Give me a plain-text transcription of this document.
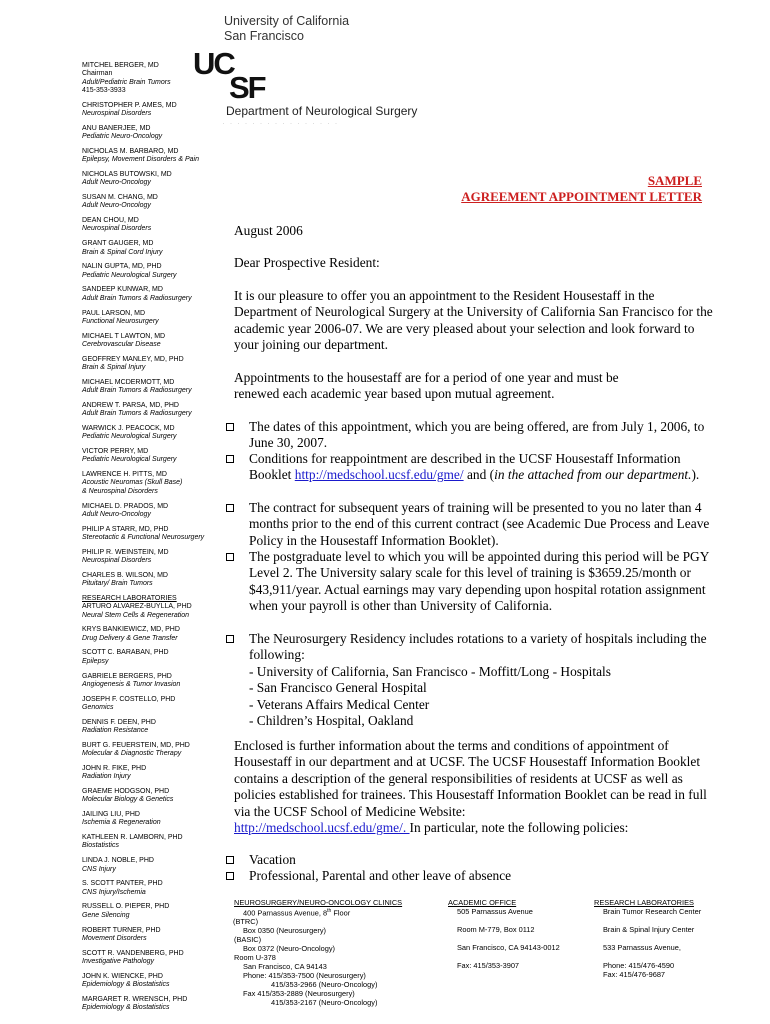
University of California
San Francisco
UC
SF
Department of Neurological Surgery
· · · · · · · · · · · · · · · ·
MITCHEL BERGER, MD
Chairman
Adult/Pediatric Brain Tumors
415-353-3933
CHRISTOPHER P. AMES, MD
Neurospinal Disorders
ANU BANERJEE, MD
Pediatric Neuro-Oncology
NICHOLAS M. BARBARO, MD
Epilepsy, Movement Disorders & Pain
NICHOLAS BUTOWSKI, MD
Adult Neuro-Oncology
SUSAN M. CHANG, MD
Adult Neuro-Oncology
DEAN CHOU, MD
Neurospinal Disorders
GRANT GAUGER, MD
Brain & Spinal Cord Injury
NALIN GUPTA, MD, PHD
Pediatric Neurological Surgery
SANDEEP KUNWAR, MD
Adult Brain Tumors & Radiosurgery
PAUL LARSON, MD
Functional Neurosurgery
MICHAEL T LAWTON, MD
Cerebrovascular Disease
GEOFFREY MANLEY, MD, PHD
Brain & Spinal Injury
MICHAEL MCDERMOTT, MD
Adult Brain Tumors & Radiosurgery
ANDREW T. PARSA, MD, PHD
Adult Brain Tumors & Radiosurgery
WARWICK J. PEACOCK, MD
Pediatric Neurological Surgery
VICTOR PERRY, MD
Pediatric Neurological Surgery
LAWRENCE H. PITTS, MD
Acoustic Neuromas (Skull Base)
& Neurospinal Disorders
MICHAEL D. PRADOS, MD
Adult Neuro-Oncology
PHILIP A STARR, MD, PHD
Stereotactic & Functional Neurosurgery
PHILIP R. WEINSTEIN, MD
Neurospinal Disorders
CHARLES B. WILSON, MD
Pituitary/ Brain Tumors
RESEARCH LABORATORIES
ARTURO ALVAREZ-BUYLLA, PHD
Neural Stem Cells & Regeneration
KRYS BANKIEWICZ, MD, PHD
Drug Delivery & Gene Transfer
SCOTT C. BARABAN, PHD
Epilepsy
GABRIELE BERGERS, PHD
Angiogenesis & Tumor Invasion
JOSEPH F. COSTELLO, PHD
Genomics
DENNIS F. DEEN, PHD
Radiation Resistance
BURT G. FEUERSTEIN, MD, PHD
Molecular & Diagnostic Therapy
JOHN R. FIKE, PHD
Radiation Injury
GRAEME HODGSON, PHD
Molecular Biology & Genetics
JAILING LIU, PHD
Ischemia & Regeneration
KATHLEEN R. LAMBORN, PHD
Biostatistics
LINDA J. NOBLE, PHD
CNS Injury
S. SCOTT PANTER, PHD
CNS Injury/Ischemia
RUSSELL O. PIEPER, PHD
Gene Silencing
ROBERT TURNER, PHD
Movement Disorders
SCOTT R. VANDENBERG, PHD
Investigative Pathology
JOHN K. WIENCKE, PHD
Epidemiology & Biostatistics
MARGARET R. WRENSCH, PHD
Epidemiology & Biostatistics
SAMPLE
AGREEMENT APPOINTMENT LETTER
August 2006
Dear Prospective Resident:
It is our pleasure to offer you an appointment to the Resident Housestaff in the Department of Neurological Surgery at the University of California San Francisco for the academic year 2006-07. We are very pleased about your selection and look forward to your joining our department.
Appointments to the housestaff are for a period of one year and must be renewed each academic year based upon mutual agreement.
The dates of this appointment, which you are being offered, are from July 1, 2006, to June 30, 2007.
Conditions for reappointment are described in the UCSF Housestaff Information Booklet http://medschool.ucsf.edu/gme/ and (in the attached from our department.).
The contract for subsequent years of training will be presented to you no later than 4 months prior to the end of this current contract (see Academic Due Process and Leave Policy in the Housestaff Information Booklet).
The postgraduate level to which you will be appointed during this period will be PGY Level 2. The University salary scale for this level of training is $3659.25/month or $43,911/year. Actual earnings may vary depending upon hospital rotation assignment when your payroll is other than University of California.
The Neurosurgery Residency includes rotations to a variety of hospitals including the following:
- University of California, San Francisco - Moffitt/Long - Hospitals
- San Francisco General Hospital
- Veterans Affairs Medical Center
- Children’s Hospital, Oakland
Enclosed is further information about the terms and conditions of appointment of Housestaff in our department and at UCSF. The UCSF Housestaff Information Booklet contains a description of the general responsibilities of residents at UCSF as well as policies established for trainees. This Housestaff Information Booklet can be read in full via the UCSF School of Medicine Website:
http://medschool.ucsf.edu/gme/. In particular, note the following policies:
Vacation
Professional, Parental and other leave of absence
NEUROSURGERY/NEURO-ONCOLOGY CLINICS
400 Parnassus Avenue, 8th Floor
(BTRC)
Box 0350 (Neurosurgery)
(BASIC)
Box 0372 (Neuro-Oncology)
Room U-378
San Francisco, CA 94143
Phone: 415/353-7500 (Neurosurgery)
415/353-2966 (Neuro-Oncology)
Fax 415/353-2889 (Neurosurgery)
415/353-2167 (Neuro-Oncology)
ACADEMIC OFFICE
505 Parnassus Avenue
Room M-779, Box 0112
San Francisco, CA 94143-0012
Fax: 415/353-3907
RESEARCH LABORATORIES
Brain Tumor Research Center
Brain & Spinal Injury Center
533 Parnassus Avenue,
Phone: 415/476-4590
Fax: 415/476-9687
